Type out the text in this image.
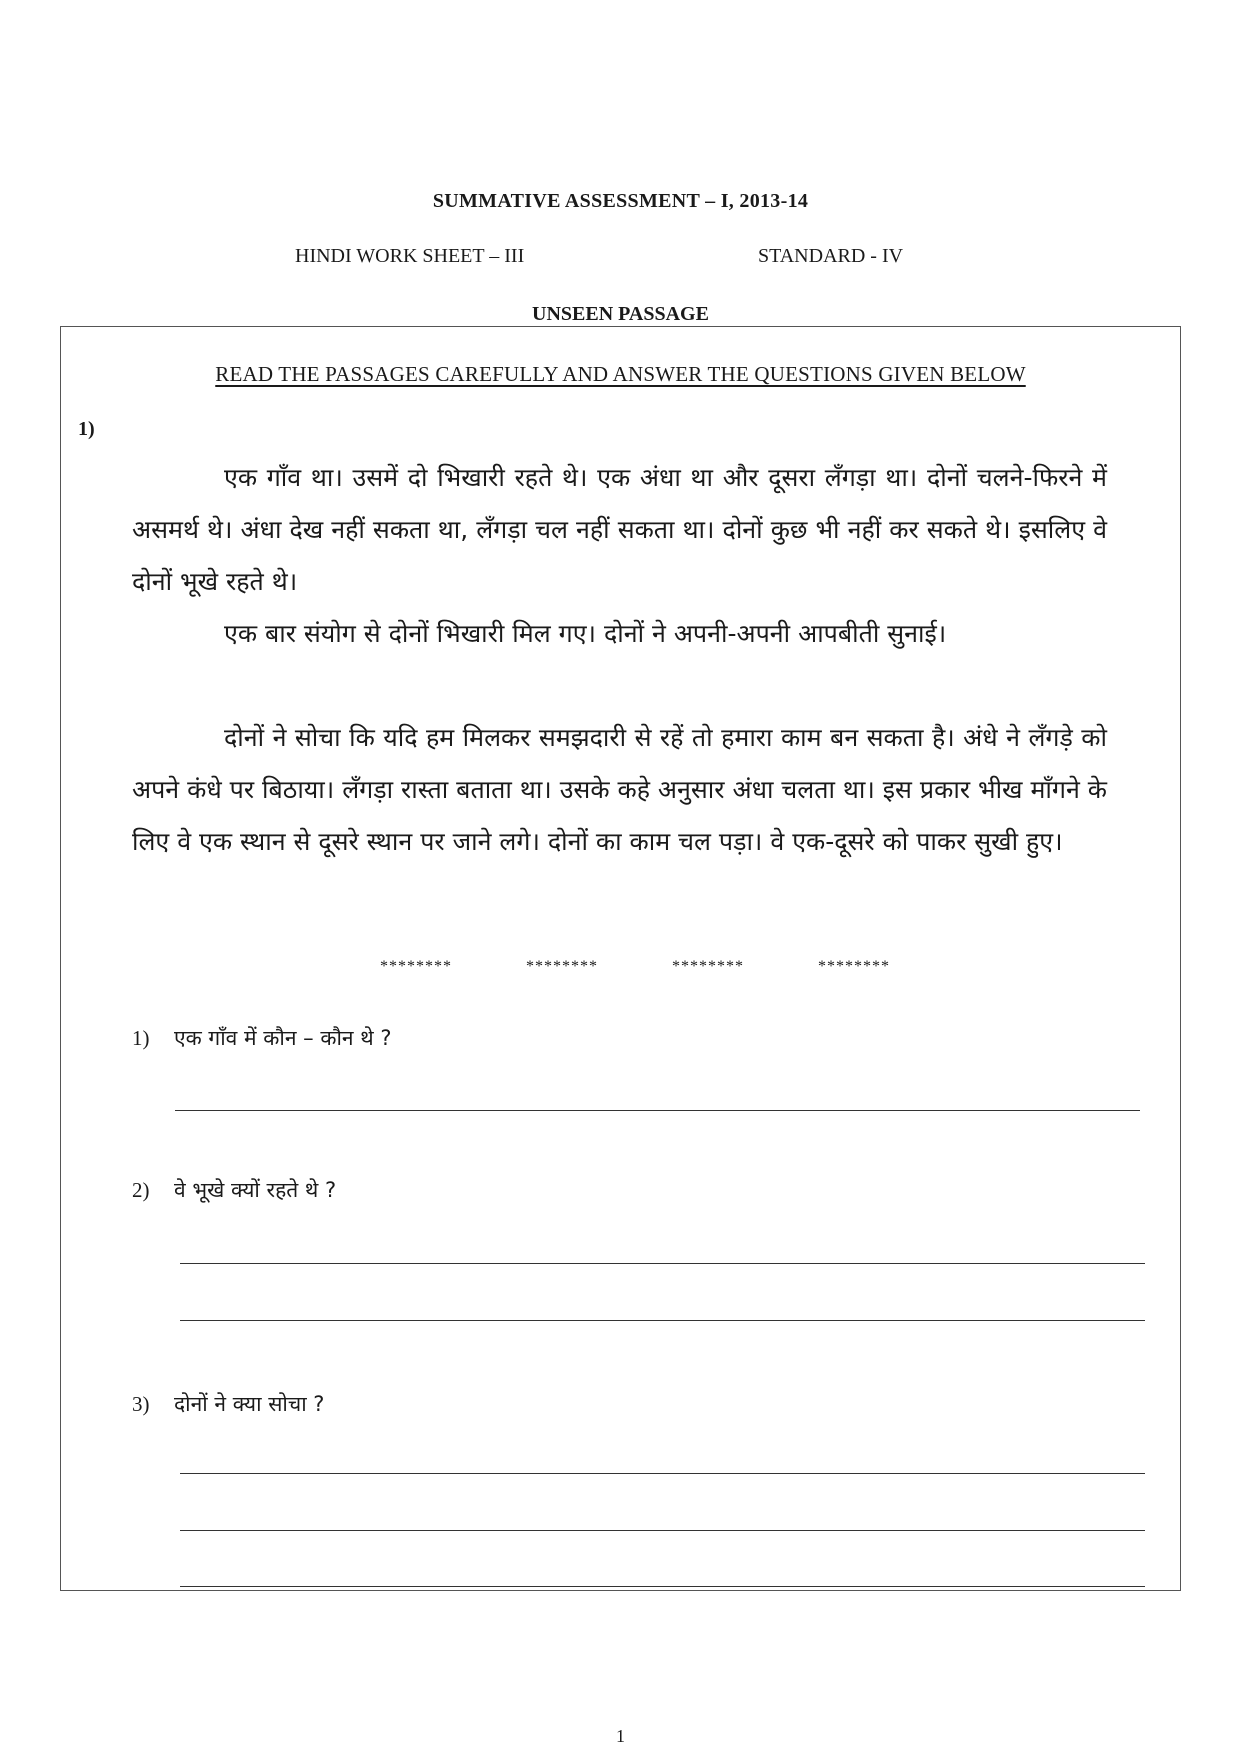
SUMMATIVE ASSESSMENT – I, 2013-14
HINDI WORK SHEET – III	STANDARD - IV
UNSEEN PASSAGE
READ THE PASSAGES CAREFULLY AND ANSWER THE QUESTIONS GIVEN BELOW
1)

एक गाँव था। उसमें दो भिखारी रहते थे। एक अंधा था और दूसरा लँगड़ा था। दोनों चलने-फिरने में असमर्थ थे। अंधा देख नहीं सकता था, लँगड़ा चल नहीं सकता था। दोनों कुछ भी नहीं कर सकते थे। इसलिए वे दोनों भूखे रहते थे।

एक बार संयोग से दोनों भिखारी मिल गए। दोनों ने अपनी-अपनी आपबीती सुनाई।

दोनों ने सोचा कि यदि हम मिलकर समझदारी से रहें तो हमारा काम बन सकता है। अंधे ने लँगड़े को अपने कंधे पर बिठाया। लँगड़ा रास्ता बताता था। उसके कहे अनुसार अंधा चलता था। इस प्रकार भीख माँगने के लिए वे एक स्थान से दूसरे स्थान पर जाने लगे। दोनों का काम चल पड़ा। वे एक-दूसरे को पाकर सुखी हुए।

********	********	********	********
1) एक गाँव में कौन – कौन थे ?
2) वे भूखे क्यों रहते थे ?
3) दोनों ने क्या सोचा ?
1
